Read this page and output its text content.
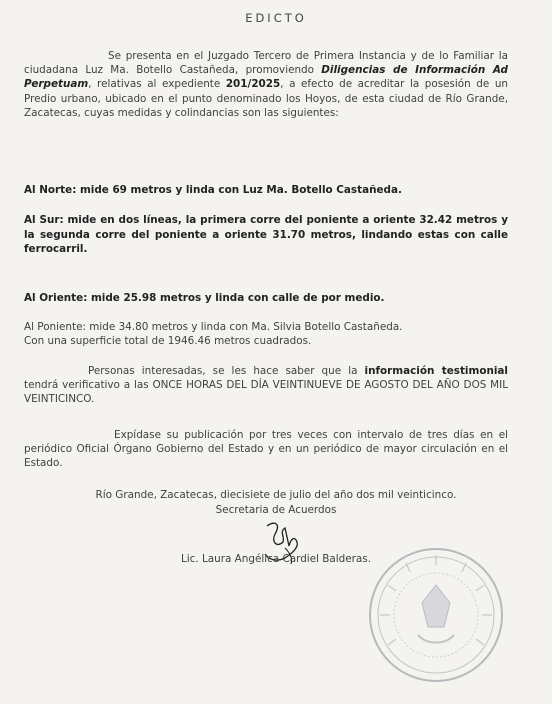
EDICTO
Se presenta en el Juzgado Tercero de Primera Instancia y de lo Familiar la ciudadana Luz Ma. Botello Castañeda, promoviendo Diligencias de Información Ad Perpetuam, relativas al expediente 201/2025, a efecto de acreditar la posesión de un Predio urbano, ubicado en el punto denominado los Hoyos, de esta ciudad de Río Grande, Zacatecas, cuyas medidas y colindancias son las siguientes:
Al Norte: mide 69 metros y linda con Luz Ma. Botello Castañeda.
Al Sur: mide en dos líneas, la primera corre del poniente a oriente 32.42 metros y la segunda corre del poniente a oriente 31.70 metros, lindando estas con calle ferrocarril.
Al Oriente: mide 25.98 metros y linda con calle de por medio.
Al Poniente: mide 34.80 metros y linda con Ma. Silvia Botello Castañeda.
Con una superficie total de 1946.46 metros cuadrados.
Personas interesadas, se les hace saber que la información testimonial tendrá verificativo a las ONCE HORAS DEL DÍA VEINTINUEVE DE AGOSTO DEL AÑO DOS MIL VEINTICINCO.
Expídase su publicación por tres veces con intervalo de tres días en el periódico Oficial Órgano Gobierno del Estado y en un periódico de mayor circulación en el Estado.
Río Grande, Zacatecas, diecisiete de julio del año dos mil veinticinco.
Secretaria de Acuerdos
Lic. Laura Angélica Cardiel Balderas.
